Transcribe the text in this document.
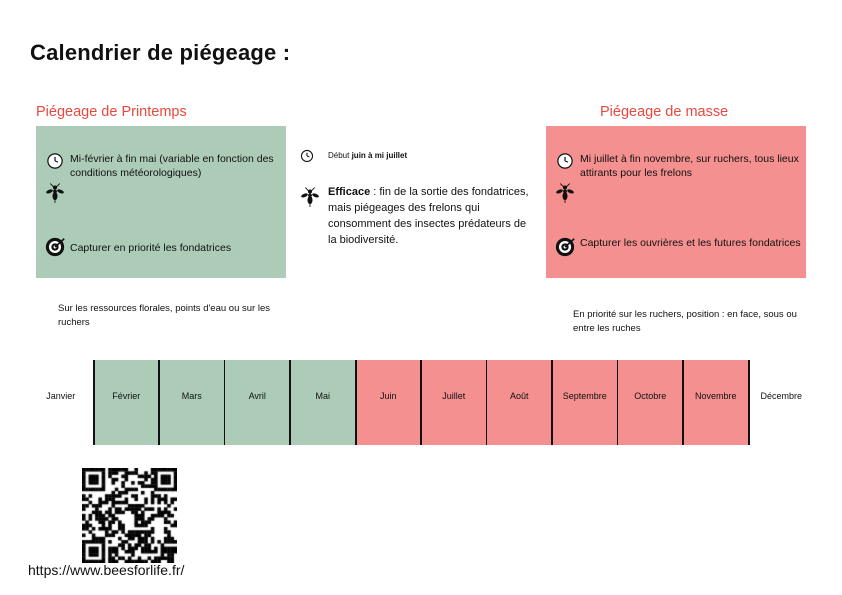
Calendrier de piégeage :
Piégeage de Printemps	Piégeage de masse
Mi-février à fin mai (variable en fonction des conditions météorologiques)
Capturer en priorité les fondatrices
Début juin à mi juillet
Efficace : fin de la sortie des fondatrices, mais piégeages des frelons qui consomment des insectes prédateurs de la biodiversité.
Mi juillet à fin novembre, sur ruchers, tous lieux attirants pour les frelons
Capturer les ouvrières et les futures fondatrices
Sur les ressources florales, points d'eau ou sur les ruchers
En priorité sur les ruchers, position : en face, sous ou entre les ruches
Janvier	Février	Mars	Avril	Mai	Juin	Juillet	Août	Septembre	Octobre	Novembre	Décembre
https://www.beesforlife.fr/
